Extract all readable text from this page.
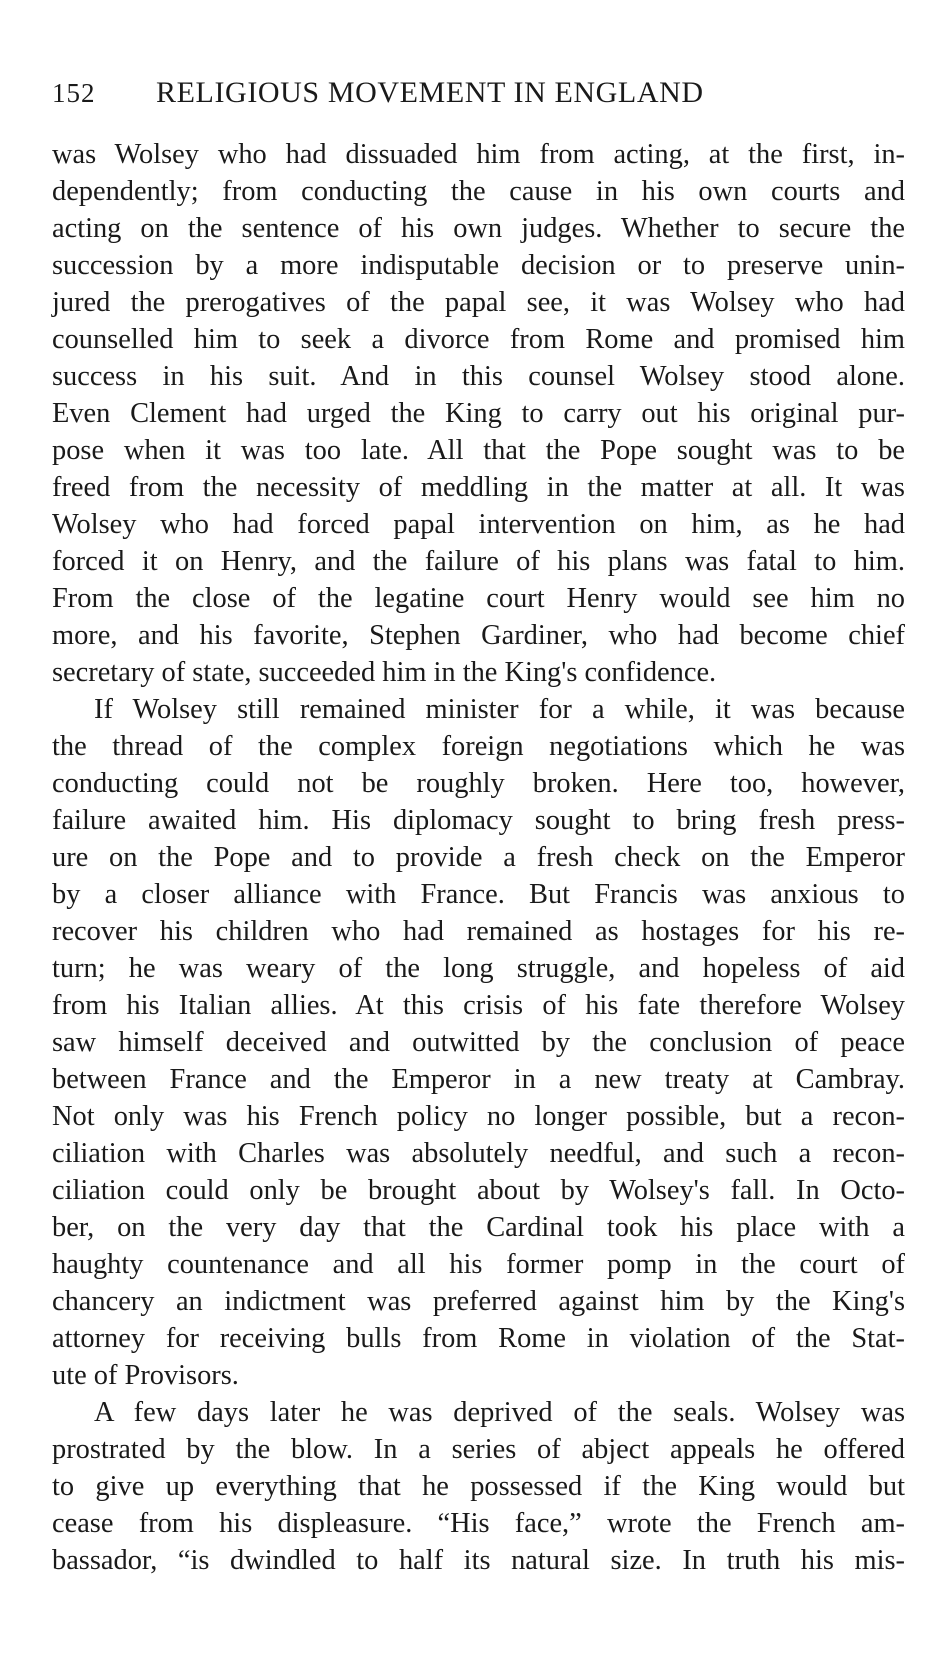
152 RELIGIOUS MOVEMENT IN ENGLAND
was Wolsey who had dissuaded him from acting, at the first, in-
dependently; from conducting the cause in his own courts and
acting on the sentence of his own judges. Whether to secure the
succession by a more indisputable decision or to preserve unin-
jured the prerogatives of the papal see, it was Wolsey who had
counselled him to seek a divorce from Rome and promised him
success in his suit. And in this counsel Wolsey stood alone.
Even Clement had urged the King to carry out his original pur-
pose when it was too late. All that the Pope sought was to be
freed from the necessity of meddling in the matter at all. It was
Wolsey who had forced papal intervention on him, as he had
forced it on Henry, and the failure of his plans was fatal to him.
From the close of the legatine court Henry would see him no
more, and his favorite, Stephen Gardiner, who had become chief
secretary of state, succeeded him in the King's confidence.
If Wolsey still remained minister for a while, it was because
the thread of the complex foreign negotiations which he was
conducting could not be roughly broken. Here too, however,
failure awaited him. His diplomacy sought to bring fresh press-
ure on the Pope and to provide a fresh check on the Emperor
by a closer alliance with France. But Francis was anxious to
recover his children who had remained as hostages for his re-
turn; he was weary of the long struggle, and hopeless of aid
from his Italian allies. At this crisis of his fate therefore Wolsey
saw himself deceived and outwitted by the conclusion of peace
between France and the Emperor in a new treaty at Cambray.
Not only was his French policy no longer possible, but a recon-
ciliation with Charles was absolutely needful, and such a recon-
ciliation could only be brought about by Wolsey's fall. In Octo-
ber, on the very day that the Cardinal took his place with a
haughty countenance and all his former pomp in the court of
chancery an indictment was preferred against him by the King's
attorney for receiving bulls from Rome in violation of the Stat-
ute of Provisors.
A few days later he was deprived of the seals. Wolsey was
prostrated by the blow. In a series of abject appeals he offered
to give up everything that he possessed if the King would but
cease from his displeasure. “His face,” wrote the French am-
bassador, “is dwindled to half its natural size. In truth his mis-
